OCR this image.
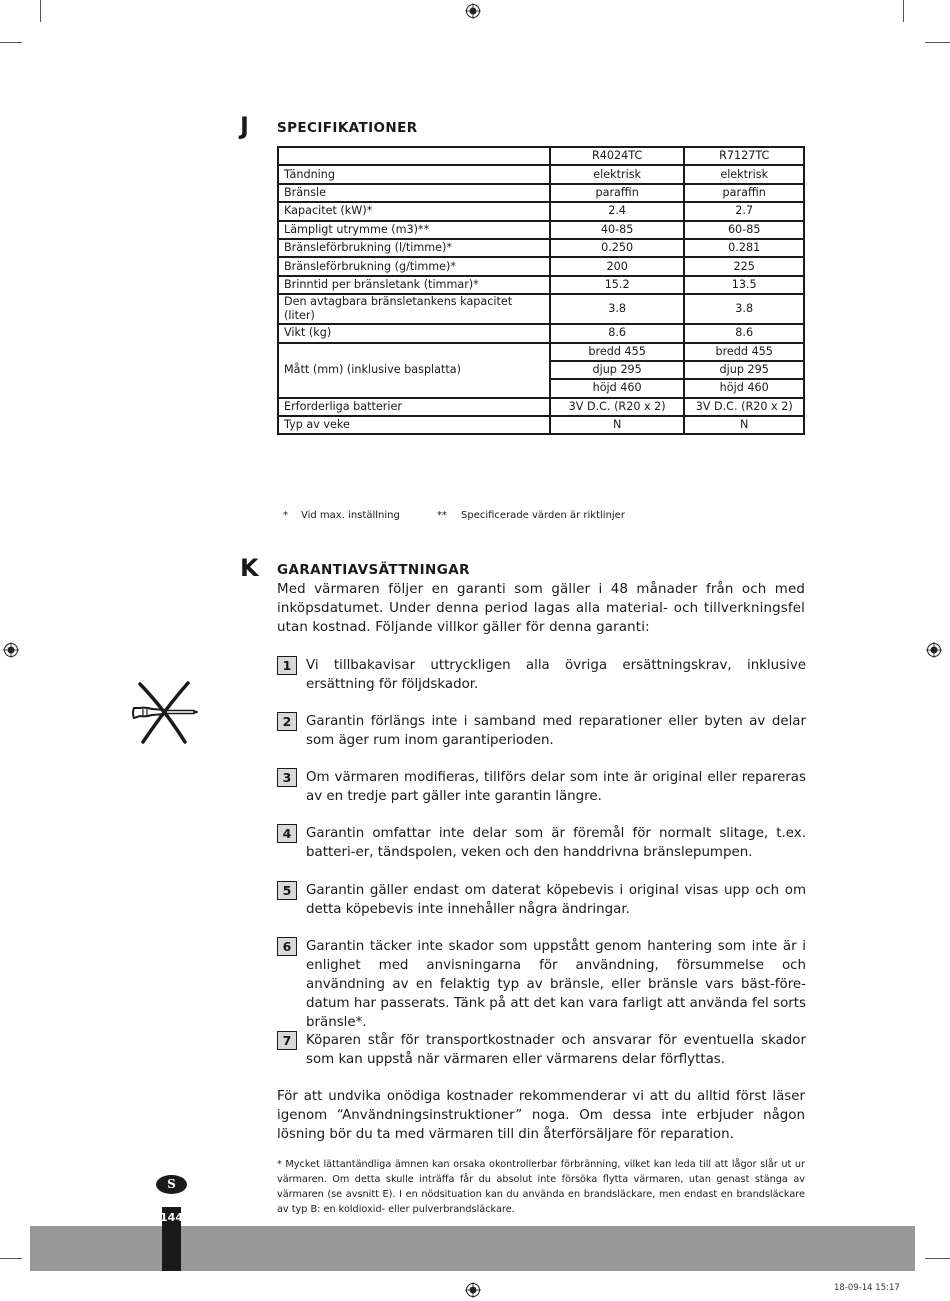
J SPECIFIKATIONER
	R4024TC	R7127TC
Tändning	elektrisk	elektrisk
Bränsle	paraffin	paraffin
Kapacitet (kW)*	2.4	2.7
Lämpligt utrymme (m3)**	40-85	60-85
Bränsleförbrukning (l/timme)*	0.250	0.281
Bränsleförbrukning (g/timme)*	200	225
Brinntid per bränsletank (timmar)*	15.2	13.5
Den avtagbara bränsletankens kapacitet (liter)	3.8	3.8
Vikt (kg)	8.6	8.6
Mått (mm) (inklusive basplatta)	bredd 455	bredd 455
	djup 295	djup 295
	höjd 460	höjd 460
Erforderliga batterier	3V D.C. (R20 x 2)	3V D.C. (R20 x 2)
Typ av veke	N	N
* Vid max. inställning	** Specificerade värden är riktlinjer
K GARANTIAVSÄTTNINGAR
Med värmaren följer en garanti som gäller i 48 månader från och med inköpsdatumet. Under denna period lagas alla material- och tillverkningsfel utan kostnad. Följande villkor gäller för denna garanti:
1	Vi tillbakavisar uttryckligen alla övriga ersättningskrav, inklusive ersättning för följdskador.
2	Garantin förlängs inte i samband med reparationer eller byten av delar som äger rum inom garantiperioden.
3	Om värmaren modifieras, tillförs delar som inte är original eller repareras av en tredje part gäller inte garantin längre.
4	Garantin omfattar inte delar som är föremål för normalt slitage, t.ex. batteri-er, tändspolen, veken och den handdrivna bränslepumpen.
5	Garantin gäller endast om daterat köpebevis i original visas upp och om detta köpebevis inte innehåller några ändringar.
6	Garantin täcker inte skador som uppstått genom hantering som inte är i enlighet med anvisningarna för användning, försummelse och användning av en felaktig typ av bränsle, eller bränsle vars bäst-före-datum har passerats. Tänk på att det kan vara farligt att använda fel sorts bränsle*.
7	Köparen står för transportkostnader och ansvarar för eventuella skador som kan uppstå när värmaren eller värmarens delar förflyttas.
För att undvika onödiga kostnader rekommenderar vi att du alltid först läser igenom “Användningsinstruktioner” noga. Om dessa inte erbjuder någon lösning bör du ta med värmaren till din återförsäljare för reparation.
* Mycket lättantändliga ämnen kan orsaka okontrollerbar förbränning, vilket kan leda till att lågor slår ut ur värmaren. Om detta skulle inträffa får du absolut inte försöka flytta värmaren, utan genast stänga av värmaren (se avsnitt E). I en nödsituation kan du använda en brandsläckare, men endast en brandsläckare av typ B: en koldioxid- eller pulverbrandsläckare.
144
S
18-09-14 15:17
